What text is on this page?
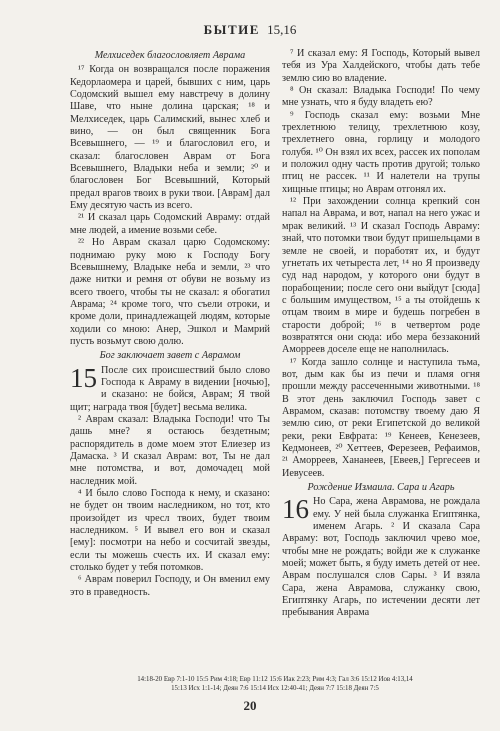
БЫТИЕ 15,16
Мелхиседек благословляет Аврама

¹⁷ Когда он возвращался после поражения Кедорлаомера и царей, бывших с ним, царь Содомский вышел ему навстречу в долину Шаве, что ныне долина царская; ¹⁸ и Мелхиседек, царь Салимский, вынес хлеб и вино, — он был священник Бога Всевышнего, — ¹⁹ и благословил его, и сказал: благословен Аврам от Бога Всевышнего, Владыки неба и земли; ²⁰ и благословен Бог Всевышний, Который предал врагов твоих в руки твои. [Аврам] дал Ему десятую часть из всего.

²¹ И сказал царь Содомский Авраму: отдай мне людей, а имение возьми себе.

²² Но Аврам сказал царю Содомскому: поднимаю руку мою к Господу Богу Всевышнему, Владыке неба и земли, ²³ что даже нитки и ремня от обуви не возьму из всего твоего, чтобы ты не сказал: я обогатил Аврама; ²⁴ кроме того, что съели отроки, и кроме доли, принадлежащей людям, которые ходили со мною: Анер, Эшкол и Мамрий пусть возьмут свою долю.

Бог заключает завет с Аврамом

15 После сих происшествий было слово Господа к Авраму в видении [ночью], и сказано: не бойся, Аврам; Я твой щит; награда твоя [будет] весьма велика.

² Аврам сказал: Владыка Господи! что Ты дашь мне? я остаюсь бездетным; распорядитель в доме моем этот Елиезер из Дамаска. ³ И сказал Аврам: вот, Ты не дал мне потомства, и вот, домочадец мой наследник мой.

⁴ И было слово Господа к нему, и сказано: не будет он твоим наследником, но тот, кто произойдет из чресл твоих, будет твоим наследником. ⁵ И вывел его вон и сказал [ему]: посмотри на небо и сосчитай звезды, если ты можешь счесть их. И сказал ему: столько будет у тебя потомков.

⁶ Аврам поверил Господу, и Он вменил ему это в праведность.

⁷ И сказал ему: Я Господь, Который вывел тебя из Ура Халдейского, чтобы дать тебе землю сию во владение.

⁸ Он сказал: Владыка Господи! По чему мне узнать, что я буду владеть ею?

⁹ Господь сказал ему: возьми Мне трехлетнюю телицу, трехлетнюю козу, трехлетнего овна, горлицу и молодого голубя. ¹⁰ Он взял их всех, рассек их пополам и положил одну часть против другой; только птиц не рассек. ¹¹ И налетели на трупы хищные птицы; но Аврам отгонял их.

¹² При захождении солнца крепкий сон напал на Аврама, и вот, напал на него ужас и мрак великий. ¹³ И сказал Господь Авраму: знай, что потомки твои будут пришельцами в земле не своей, и поработят их, и будут угнетать их четыреста лет, ¹⁴ но Я произведу суд над народом, у которого они будут в порабощении; после сего они выйдут [сюда] с большим имуществом, ¹⁵ а ты отойдешь к отцам твоим в мире и будешь погребен в старости доброй; ¹⁶ в четвертом роде возвратятся они сюда: ибо мера беззаконий Аморреев доселе еще не наполнилась.

¹⁷ Когда зашло солнце и наступила тьма, вот, дым как бы из печи и пламя огня прошли между рассеченными животными. ¹⁸ В этот день заключил Господь завет с Аврамом, сказав: потомству твоему даю Я землю сию, от реки Египетской до великой реки, реки Евфрата: ¹⁹ Кенеев, Кенезеев, Кедмонеев, ²⁰ Хеттеев, Ферезеев, Рефаимов, ²¹ Аморреев, Хананеев, [Евеев,] Гергесеев и Иевусеев.

Рождение Измаила. Сара и Агарь

16 Но Сара, жена Аврамова, не рождала ему. У ней была служанка Египтянка, именем Агарь. ² И сказала Сара Авраму: вот, Господь заключил чрево мое, чтобы мне не рождать; войди же к служанке моей; может быть, я буду иметь детей от нее. Аврам послушался слов Сары. ³ И взяла Сара, жена Аврамова, служанку свою, Египтянку Агарь, по истечении десяти лет пребывания Аврама

14:18-20 Евр 7:1-10 15:5 Рим 4:18; Евр 11:12 15:6 Иак 2:23; Рим 4:3; Гал 3:6 15:12 Иов 4:13,14
15:13 Исх 1:1-14; Деян 7:6 15:14 Исх 12:40-41; Деян 7:7 15:18 Деян 7:5
20
